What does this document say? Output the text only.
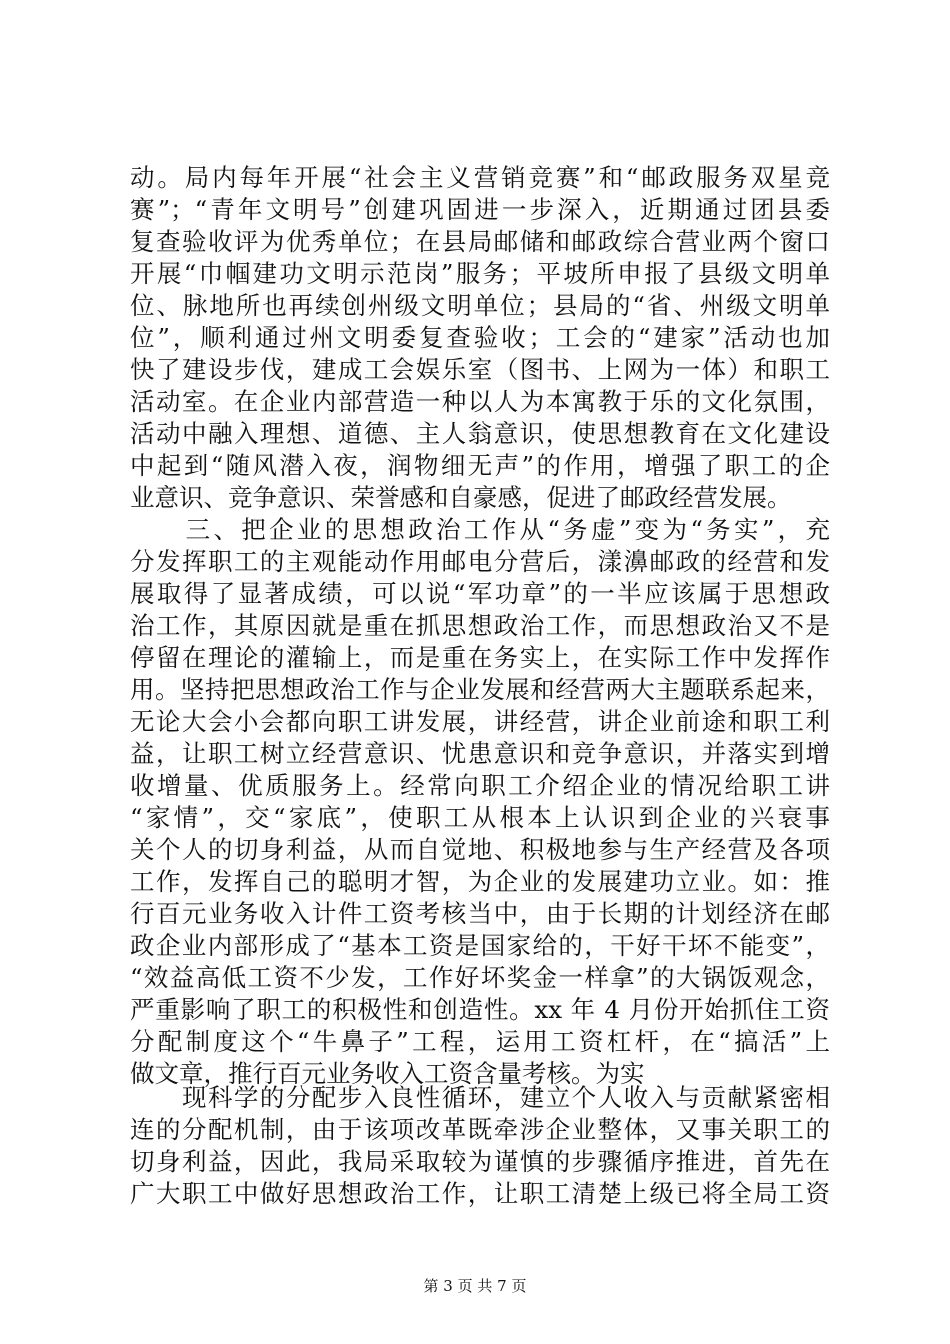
动。局内每年开展“社会主义营销竞赛”和“邮政服务双星竞
赛”；“青年文明号”创建巩固进一步深入，近期通过团县委
复查验收评为优秀单位；在县局邮储和邮政综合营业两个窗口
开展“巾帼建功文明示范岗”服务；平坡所申报了县级文明单
位、脉地所也再续创州级文明单位；县局的“省、州级文明单
位”，顺利通过州文明委复查验收；工会的“建家”活动也加
快了建设步伐，建成工会娱乐室（图书、上网为一体）和职工
活动室。在企业内部营造一种以人为本寓教于乐的文化氛围，
活动中融入理想、道德、主人翁意识，使思想教育在文化建设
中起到“随风潜入夜，润物细无声”的作用，增强了职工的企
业意识、竞争意识、荣誉感和自豪感，促进了邮政经营发展。
　　三、把企业的思想政治工作从“务虚”变为“务实”，充
分发挥职工的主观能动作用邮电分营后，漾濞邮政的经营和发
展取得了显著成绩，可以说“军功章”的一半应该属于思想政
治工作，其原因就是重在抓思想政治工作，而思想政治又不是
停留在理论的灌输上，而是重在务实上，在实际工作中发挥作
用。坚持把思想政治工作与企业发展和经营两大主题联系起来，
无论大会小会都向职工讲发展，讲经营，讲企业前途和职工利
益，让职工树立经营意识、忧患意识和竞争意识，并落实到增
收增量、优质服务上。经常向职工介绍企业的情况给职工讲
“家情”，交“家底”，使职工从根本上认识到企业的兴衰事
关个人的切身利益，从而自觉地、积极地参与生产经营及各项
工作，发挥自己的聪明才智，为企业的发展建功立业。如：推
行百元业务收入计件工资考核当中，由于长期的计划经济在邮
政企业内部形成了“基本工资是国家给的，干好干坏不能变”，
“效益高低工资不少发，工作好坏奖金一样拿”的大锅饭观念，
严重影响了职工的积极性和创造性。xx 年 4 月份开始抓住工资
分配制度这个“牛鼻子”工程，运用工资杠杆，在“搞活”上
做文章，推行百元业务收入工资含量考核。为实
　　现科学的分配步入良性循环，建立个人收入与贡献紧密相
连的分配机制，由于该项改革既牵涉企业整体，又事关职工的
切身利益，因此，我局采取较为谨慎的步骤循序推进，首先在
广大职工中做好思想政治工作，让职工清楚上级已将全局工资
第 3 页 共 7 页
